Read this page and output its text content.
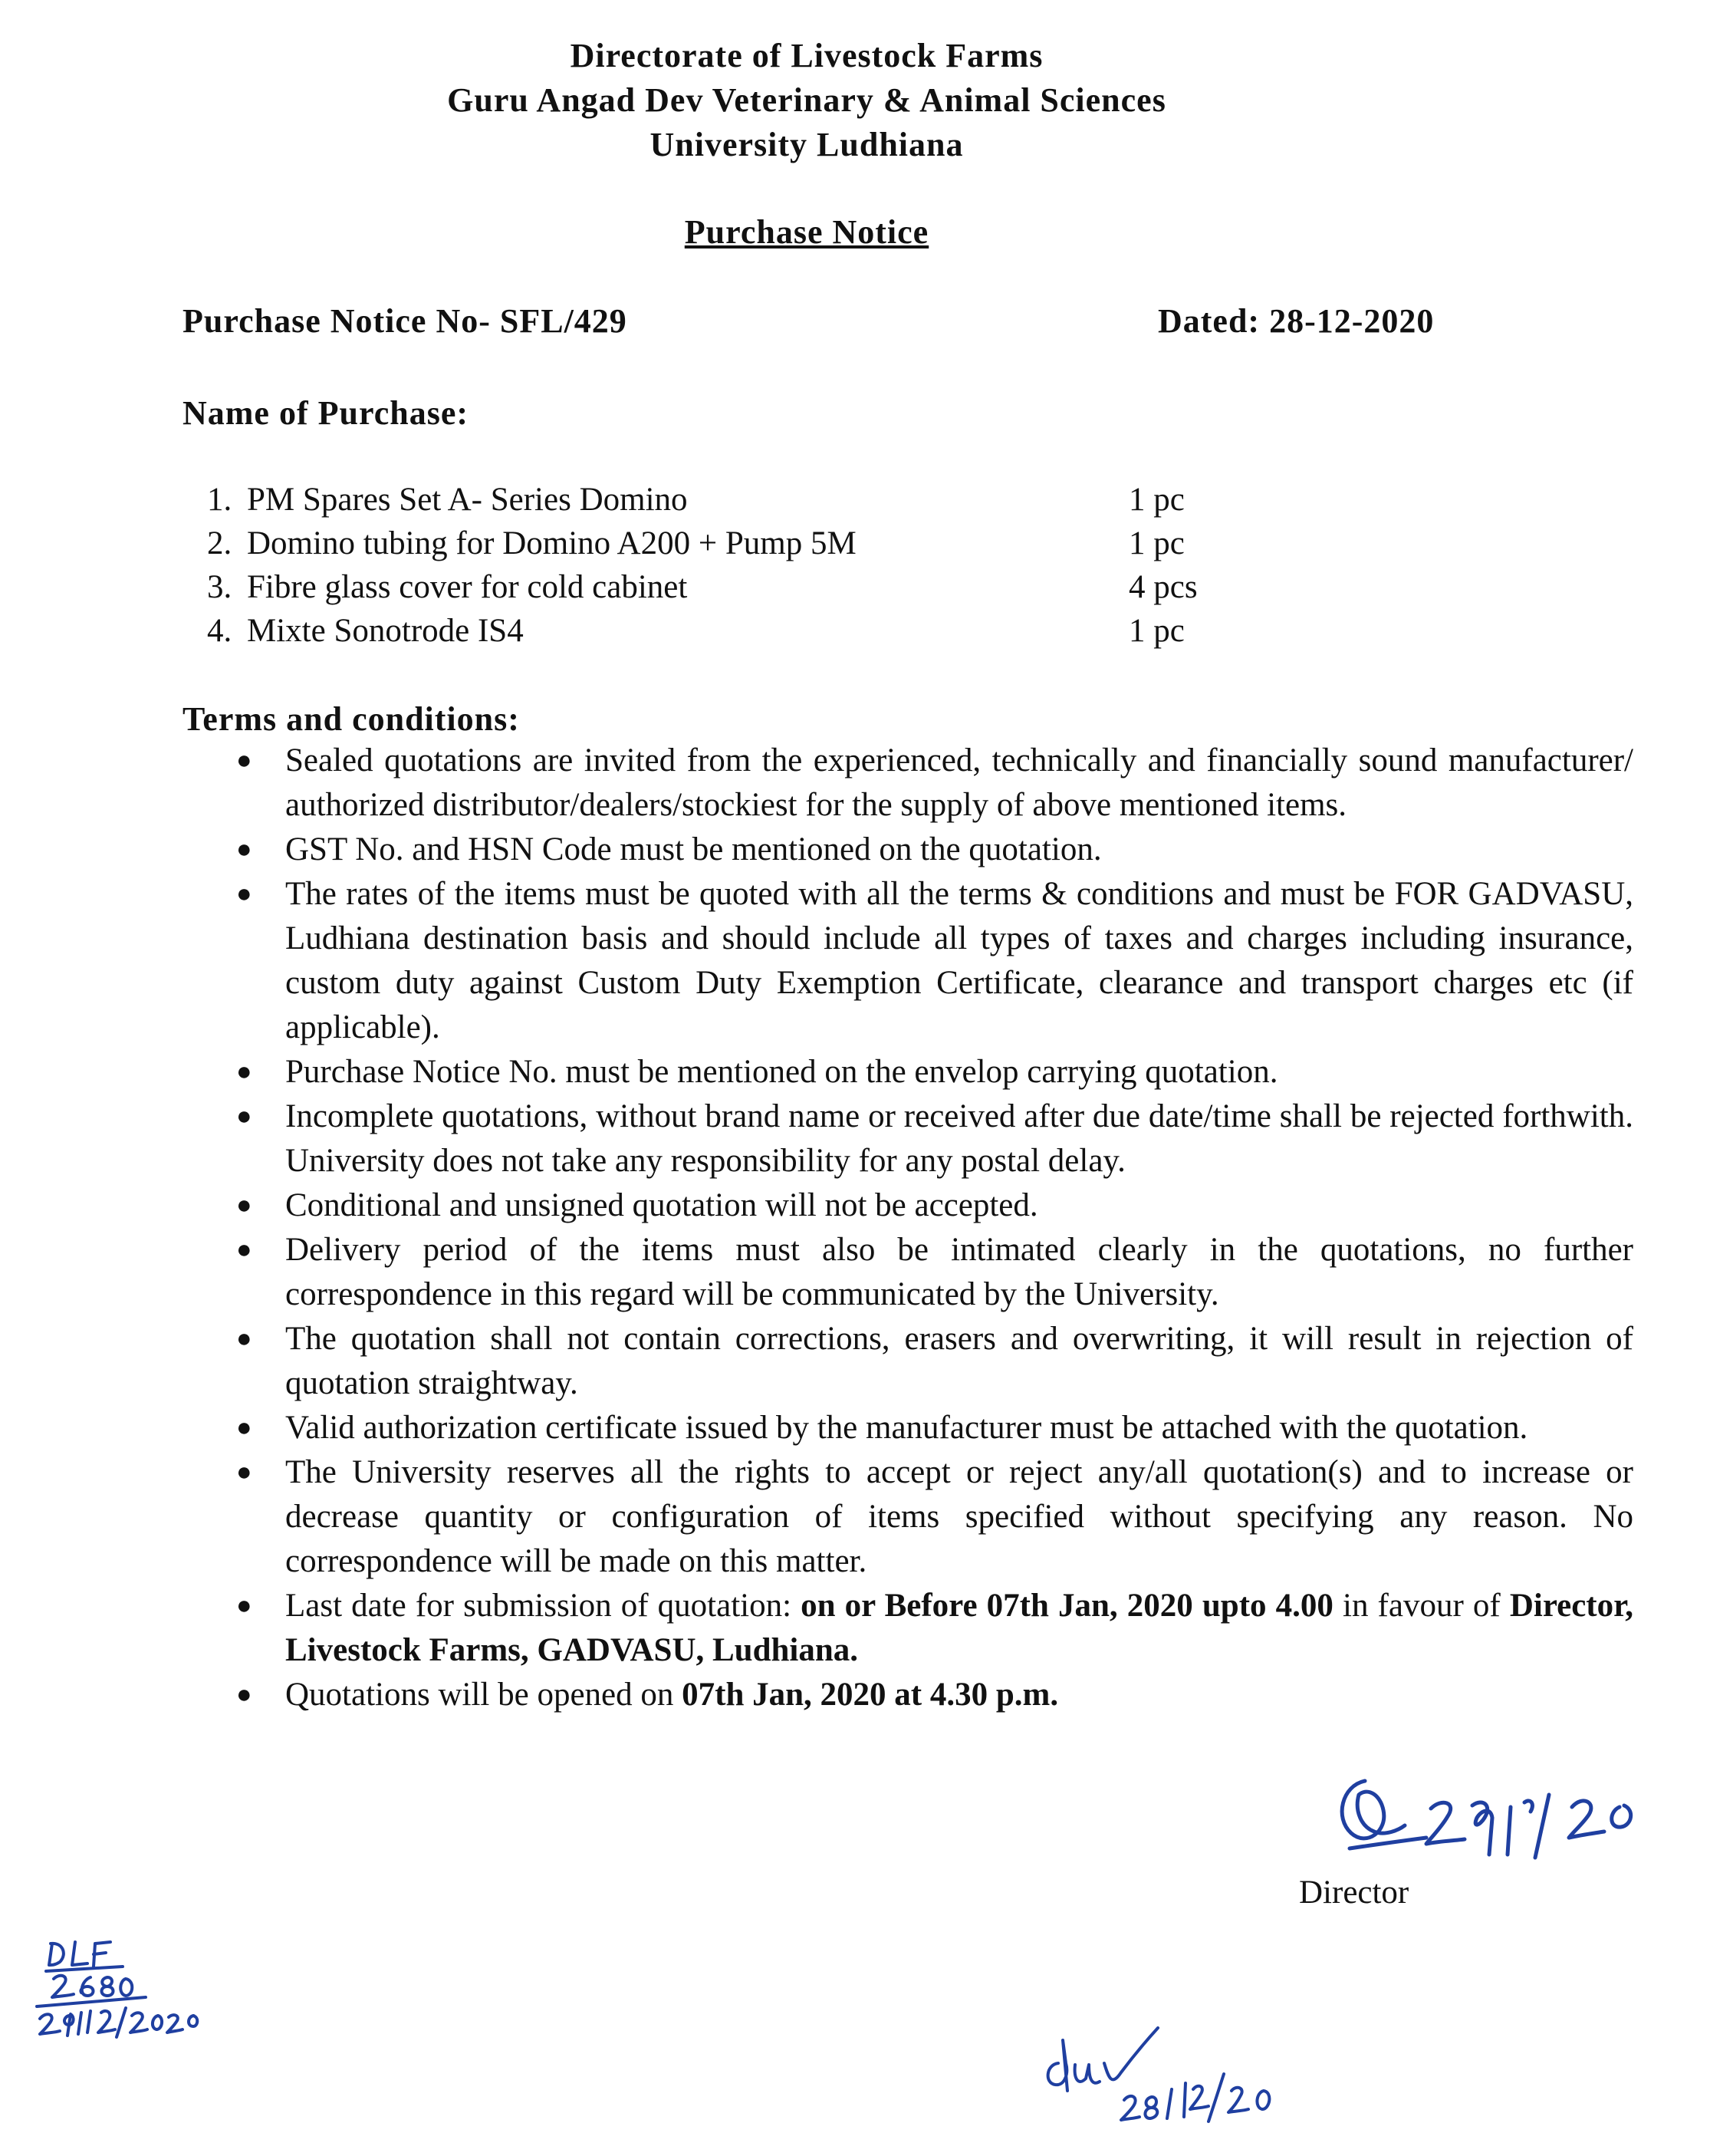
Directorate of Livestock Farms
Guru Angad Dev Veterinary & Animal Sciences
University Ludhiana
Purchase Notice
Purchase Notice No- SFL/429	Dated: 28-12-2020
Name of Purchase:
1. PM Spares Set A- Series Domino	1 pc
2. Domino tubing for Domino A200 + Pump 5M	1 pc
3. Fibre glass cover for cold cabinet	4 pcs
4. Mixte Sonotrode IS4	1 pc
Terms and conditions:
● Sealed quotations are invited from the experienced, technically and financially sound manufacturer/ authorized distributor/dealers/stockiest for the supply of above mentioned items.
● GST No. and HSN Code must be mentioned on the quotation.
● The rates of the items must be quoted with all the terms & conditions and must be FOR GADVASU, Ludhiana destination basis and should include all types of taxes and charges including insurance, custom duty against Custom Duty Exemption Certificate, clearance and transport charges etc (if applicable).
● Purchase Notice No. must be mentioned on the envelop carrying quotation.
● Incomplete quotations, without brand name or received after due date/time shall be rejected forthwith. University does not take any responsibility for any postal delay.
● Conditional and unsigned quotation will not be accepted.
● Delivery period of the items must also be intimated clearly in the quotations, no further correspondence in this regard will be communicated by the University.
● The quotation shall not contain corrections, erasers and overwriting, it will result in rejection of quotation straightway.
● Valid authorization certificate issued by the manufacturer must be attached with the quotation.
● The University reserves all the rights to accept or reject any/all quotation(s) and to increase or decrease quantity or configuration of items specified without specifying any reason. No correspondence will be made on this matter.
● Last date for submission of quotation: on or Before 07th Jan, 2020 upto 4.00 in favour of Director, Livestock Farms, GADVASU, Ludhiana.
● Quotations will be opened on 07th Jan, 2020 at 4.30 p.m.
Director
